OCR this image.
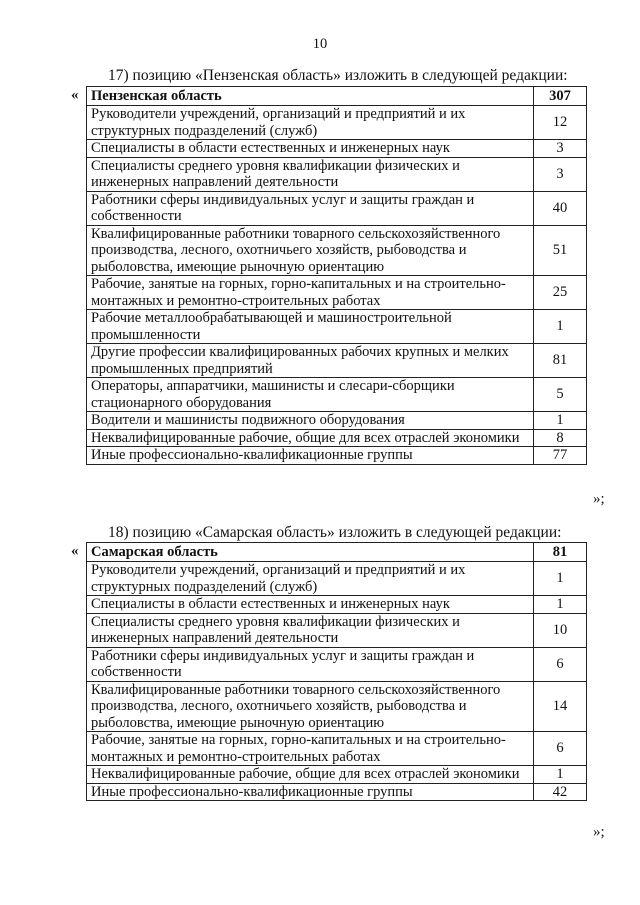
10
17) позицию «Пензенская область» изложить в следующей редакции:
« Пензенская область	307
Руководители учреждений, организаций и предприятий и их структурных подразделений (служб)	12
Специалисты в области естественных и инженерных наук	3
Специалисты среднего уровня квалификации физических и инженерных направлений деятельности	3
Работники сферы индивидуальных услуг и защиты граждан и собственности	40
Квалифицированные работники товарного сельскохозяйственного производства, лесного, охотничьего хозяйств, рыбоводства и рыболовства, имеющие рыночную ориентацию	51
Рабочие, занятые на горных, горно-капитальных и на строительно-монтажных и ремонтно-строительных работах	25
Рабочие металлообрабатывающей и машиностроительной промышленности	1
Другие профессии квалифицированных рабочих крупных и мелких промышленных предприятий	81
Операторы, аппаратчики, машинисты и слесари-сборщики стационарного оборудования	5
Водители и машинисты подвижного оборудования	1
Неквалифицированные рабочие, общие для всех отраслей экономики	8
Иные профессионально-квалификационные группы	77
»;
18) позицию «Самарская область» изложить в следующей редакции:
« Самарская область	81
Руководители учреждений, организаций и предприятий и их структурных подразделений (служб)	1
Специалисты в области естественных и инженерных наук	1
Специалисты среднего уровня квалификации физических и инженерных направлений деятельности	10
Работники сферы индивидуальных услуг и защиты граждан и собственности	6
Квалифицированные работники товарного сельскохозяйственного производства, лесного, охотничьего хозяйств, рыбоводства и рыболовства, имеющие рыночную ориентацию	14
Рабочие, занятые на горных, горно-капитальных и на строительно-монтажных и ремонтно-строительных работах	6
Неквалифицированные рабочие, общие для всех отраслей экономики	1
Иные профессионально-квалификационные группы	42
»;
